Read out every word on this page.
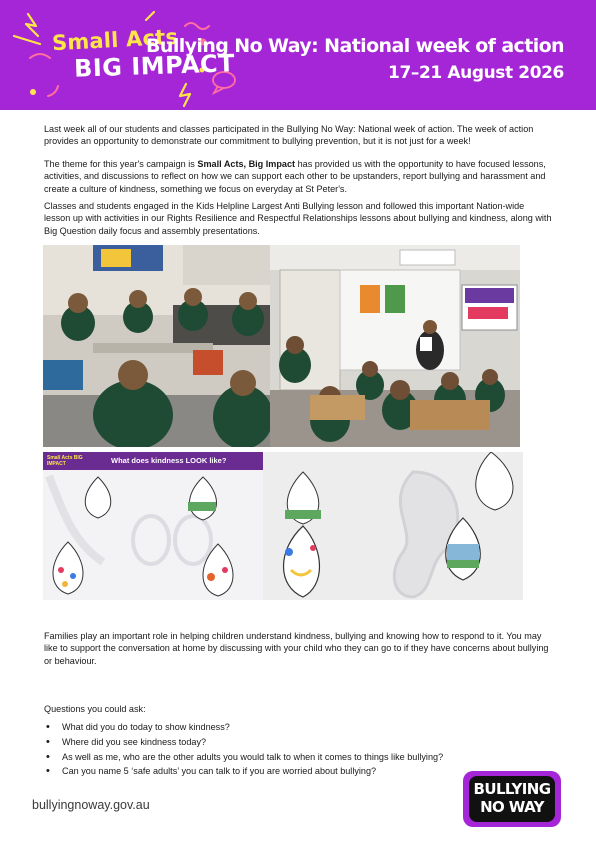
Small Acts
BIG IMPACT
Bullying No Way: National week of action
17–21 August 2026

Last week all of our students and classes participated in the Bullying No Way: National week of action. The week of action provides an opportunity to demonstrate our commitment to bullying prevention, but it is not just for a week!

The theme for this year's campaign is Small Acts, Big Impact has provided us with the opportunity to have focused lessons, activities, and discussions to reflect on how we can support each other to be upstanders, report bullying and harassment and create a culture of kindness, something we focus on everyday at St Peter's.

Classes and students engaged in the Kids Helpline Largest Anti Bullying lesson and followed this important Nation-wide lesson up with activities in our Rights Resilience and Respectful Relationships lessons about bullying and kindness, along with Big Question daily focus and assembly presentations.

Small Acts BIG IMPACT	What does kindness LOOK like?

Families play an important role in helping children understand kindness, bullying and knowing how to respond to it. You may like to support the conversation at home by discussing with your child who they can go to if they have concerns about bullying or behaviour.

Questions you could ask:

• What did you do today to show kindness?
• Where did you see kindness today?
• As well as me, who are the other adults you would talk to when it comes to things like bullying?
• Can you name 5 ‘safe adults’ you can talk to if you are worried about bullying?
bullyingnoway.gov.au
BULLYING
NO WAY
